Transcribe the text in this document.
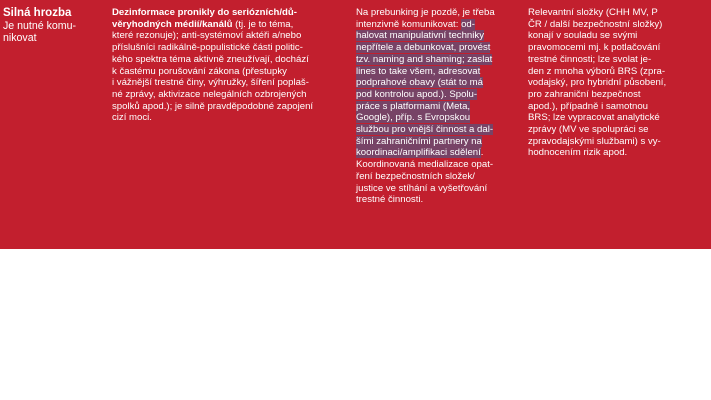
Silná hrozba

Je nutné komu-
nikovat

Dezinformace pronikly do seriózních/dů-
věryhodných médií/kanálů (tj. je to téma,
které rezonuje); anti-systémoví aktéři a/nebo
příslušníci radikálně-populistické části politic-
kého spektra téma aktivně zneužívají, dochází
k častému porušování zákona (přestupky
i vážnější trestné činy, výhružky, šíření poplaš-
né zprávy, aktivizace nelegálních ozbrojených
spolků apod.); je silně pravděpodobné zapojení
cizí moci.
Na prebunking je pozdě, je třeba
intenzivně komunikovat: od-
halovat manipulativní techniky
nepřítele a debunkovat, provést
tzv. naming and shaming; zaslat
lines to take všem, adresovat
podprahové obavy (stát to má
pod kontrolou apod.). Spolu-
práce s platformami (Meta,
Google), příp. s Evropskou
službou pro vnější činnost a dal-
šími zahraničními partnery na
koordinaci/amplifikaci sdělení.
Koordinovaná medializace opat-
ření bezpečnostních složek/
justice ve stíhání a vyšetřování
trestné činnosti.
Relevantní složky (CHH MV, P
ČR / další bezpečnostní složky)
konají v souladu se svými
pravomocemi mj. k potlačování
trestné činnosti; lze svolat je-
den z mnoha výborů BRS (zpra-
vodajský, pro hybridní působení,
pro zahraniční bezpečnost
apod.), případně i samotnou
BRS; lze vypracovat analytické
zprávy (MV ve spolupráci se
zpravodajskými službami) s vy-
hodnocením rizik apod.
